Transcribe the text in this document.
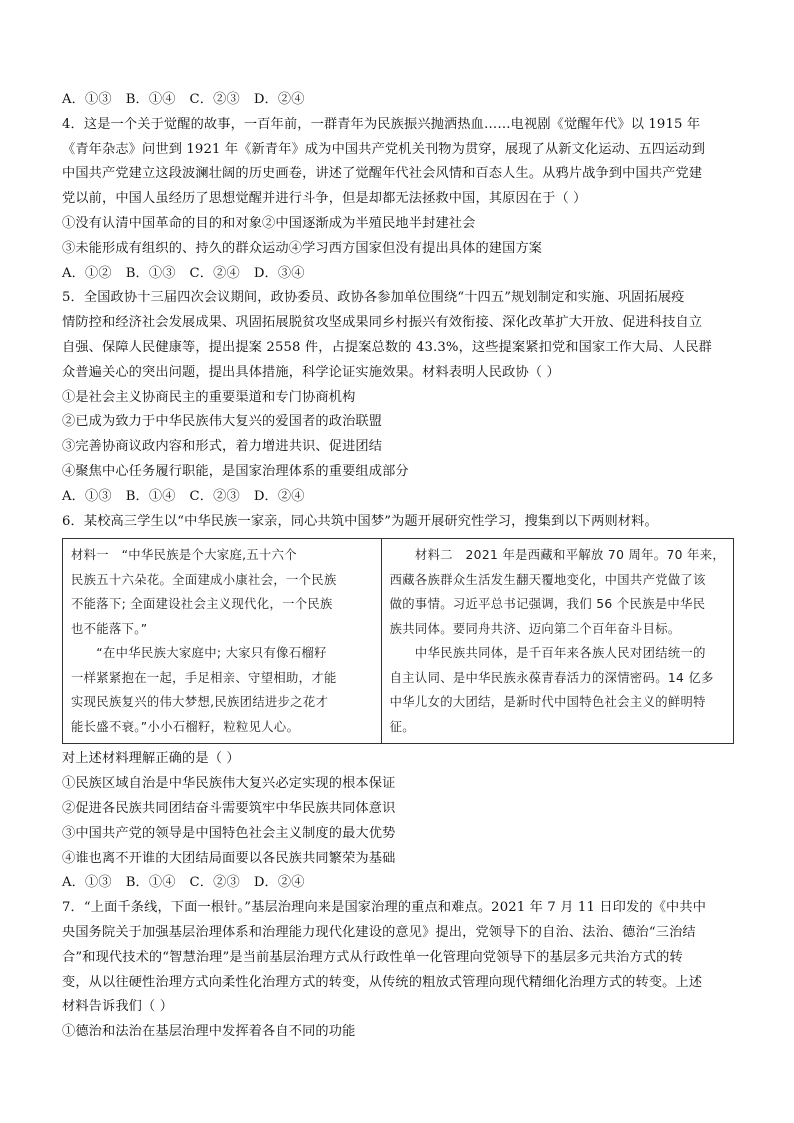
A．①③ B．①④ C．②③ D．②④
4．这是一个关于觉醒的故事，一百年前，一群青年为民族振兴抛洒热血……电视剧《觉醒年代》以 1915 年
《青年杂志》问世到 1921 年《新青年》成为中国共产党机关刊物为贯穿，展现了从新文化运动、五四运动到
中国共产党建立这段波澜壮阔的历史画卷，讲述了觉醒年代社会风情和百态人生。从鸦片战争到中国共产党建
党以前，中国人虽经历了思想觉醒并进行斗争，但是却都无法拯救中国，其原因在于（ ）
①没有认清中国革命的目的和对象②中国逐渐成为半殖民地半封建社会
③未能形成有组织的、持久的群众运动④学习西方国家但没有提出具体的建国方案
A．①② B．①③ C．②④ D．③④
5．全国政协十三届四次会议期间，政协委员、政协各参加单位围绕“十四五”规划制定和实施、巩固拓展疫
情防控和经济社会发展成果、巩固拓展脱贫攻坚成果同乡村振兴有效衔接、深化改革扩大开放、促进科技自立
自强、保障人民健康等，提出提案 2558 件，占提案总数的 43.3%，这些提案紧扣党和国家工作大局、人民群
众普遍关心的突出问题，提出具体措施，科学论证实施效果。材料表明人民政协（ ）
①是社会主义协商民主的重要渠道和专门协商机构
②已成为致力于中华民族伟大复兴的爱国者的政治联盟
③完善协商议政内容和形式，着力增进共识、促进团结
④聚焦中心任务履行职能，是国家治理体系的重要组成部分
A．①③ B．①④ C．②③ D．②④
6．某校高三学生以“中华民族一家亲，同心共筑中国梦”为题开展研究性学习，搜集到以下两则材料。
材料一　“中华民族是个大家庭,五十六个
民族五十六朵花。全面建成小康社会，一个民族
不能落下; 全面建设社会主义现代化，一个民族
也不能落下。”
　　“在中华民族大家庭中; 大家只有像石榴籽
一样紧紧抱在一起，手足相亲、守望相助，才能
实现民族复兴的伟大梦想,民族团结进步之花才
能长盛不衰。”小小石榴籽，粒粒见人心。

　　材料二　2021 年是西藏和平解放 70 周年。70 年来，
西藏各族群众生活发生翻天覆地变化，中国共产党做了该
做的事情。习近平总书记强调，我们 56 个民族是中华民
族共同体。要同舟共济、迈向第二个百年奋斗目标。
　　中华民族共同体，是千百年来各族人民对团结统一的
自主认同、是中华民族永葆青春活力的深情密码。14 亿多
中华儿女的大团结，是新时代中国特色社会主义的鲜明特
征。
对上述材料理解正确的是（ ）
①民族区域自治是中华民族伟大复兴必定实现的根本保证
②促进各民族共同团结奋斗需要筑牢中华民族共同体意识
③中国共产党的领导是中国特色社会主义制度的最大优势
④谁也离不开谁的大团结局面要以各民族共同繁荣为基础
A．①③ B．①④ C．②③ D．②④
7．“上面千条线，下面一根针。”基层治理向来是国家治理的重点和难点。2021 年 7 月 11 日印发的《中共中
央国务院关于加强基层治理体系和治理能力现代化建设的意见》提出，党领导下的自治、法治、德治“三治结
合”和现代技术的“智慧治理”是当前基层治理方式从行政性单一化管理向党领导下的基层多元共治方式的转
变，从以往硬性治理方式向柔性化治理方式的转变，从传统的粗放式管理向现代精细化治理方式的转变。上述
材料告诉我们（ ）
①德治和法治在基层治理中发挥着各自不同的功能
